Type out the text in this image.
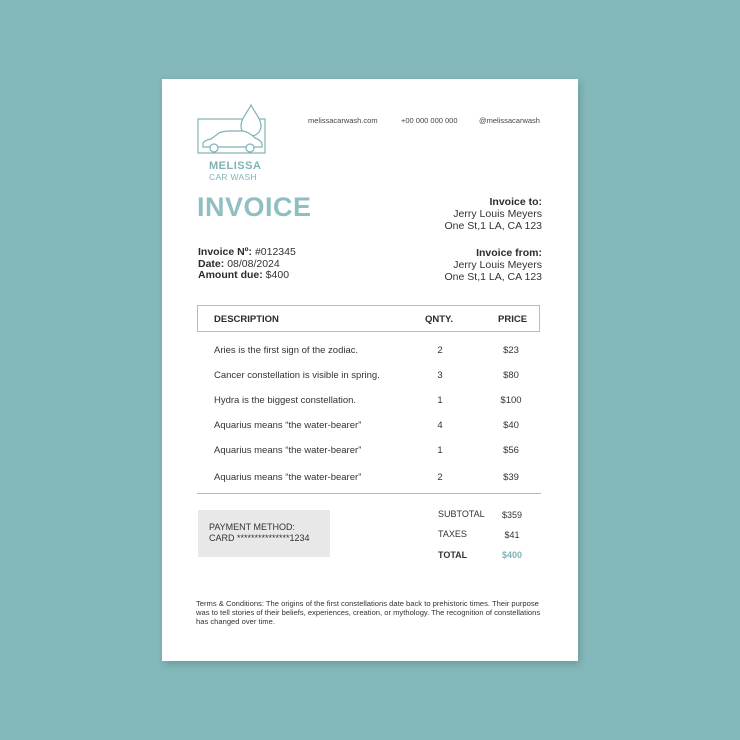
MELISSA
CAR WASH
melissacarwash.com	+00 000 000 000	@melissacarwash
INVOICE	Invoice to:
Jerry Louis Meyers
One St,1 LA, CA 123
Invoice from:
Jerry Louis Meyers
One St,1 LA, CA 123
Invoice Nº: #012345
Date: 08/08/2024
Amount due: $400
DESCRIPTION	QNTY.	PRICE
Aries is the first sign of the zodiac.	2	$23
Cancer constellation is visible in spring.	3	$80
Hydra is the biggest constellation.	1	$100
Aquarius means “the water-bearer”	4	$40
Aquarius means “the water-bearer”	1	$56
Aquarius means “the water-bearer”	2	$39
PAYMENT METHOD:
CARD ***************1234
SUBTOTAL	$359
TAXES	$41
TOTAL	$400
Terms & Conditions: The origins of the first constellations date back to prehistoric times. Their purpose was to tell stories of their beliefs, experiences, creation, or mythology. The recognition of constellations has changed over time.
